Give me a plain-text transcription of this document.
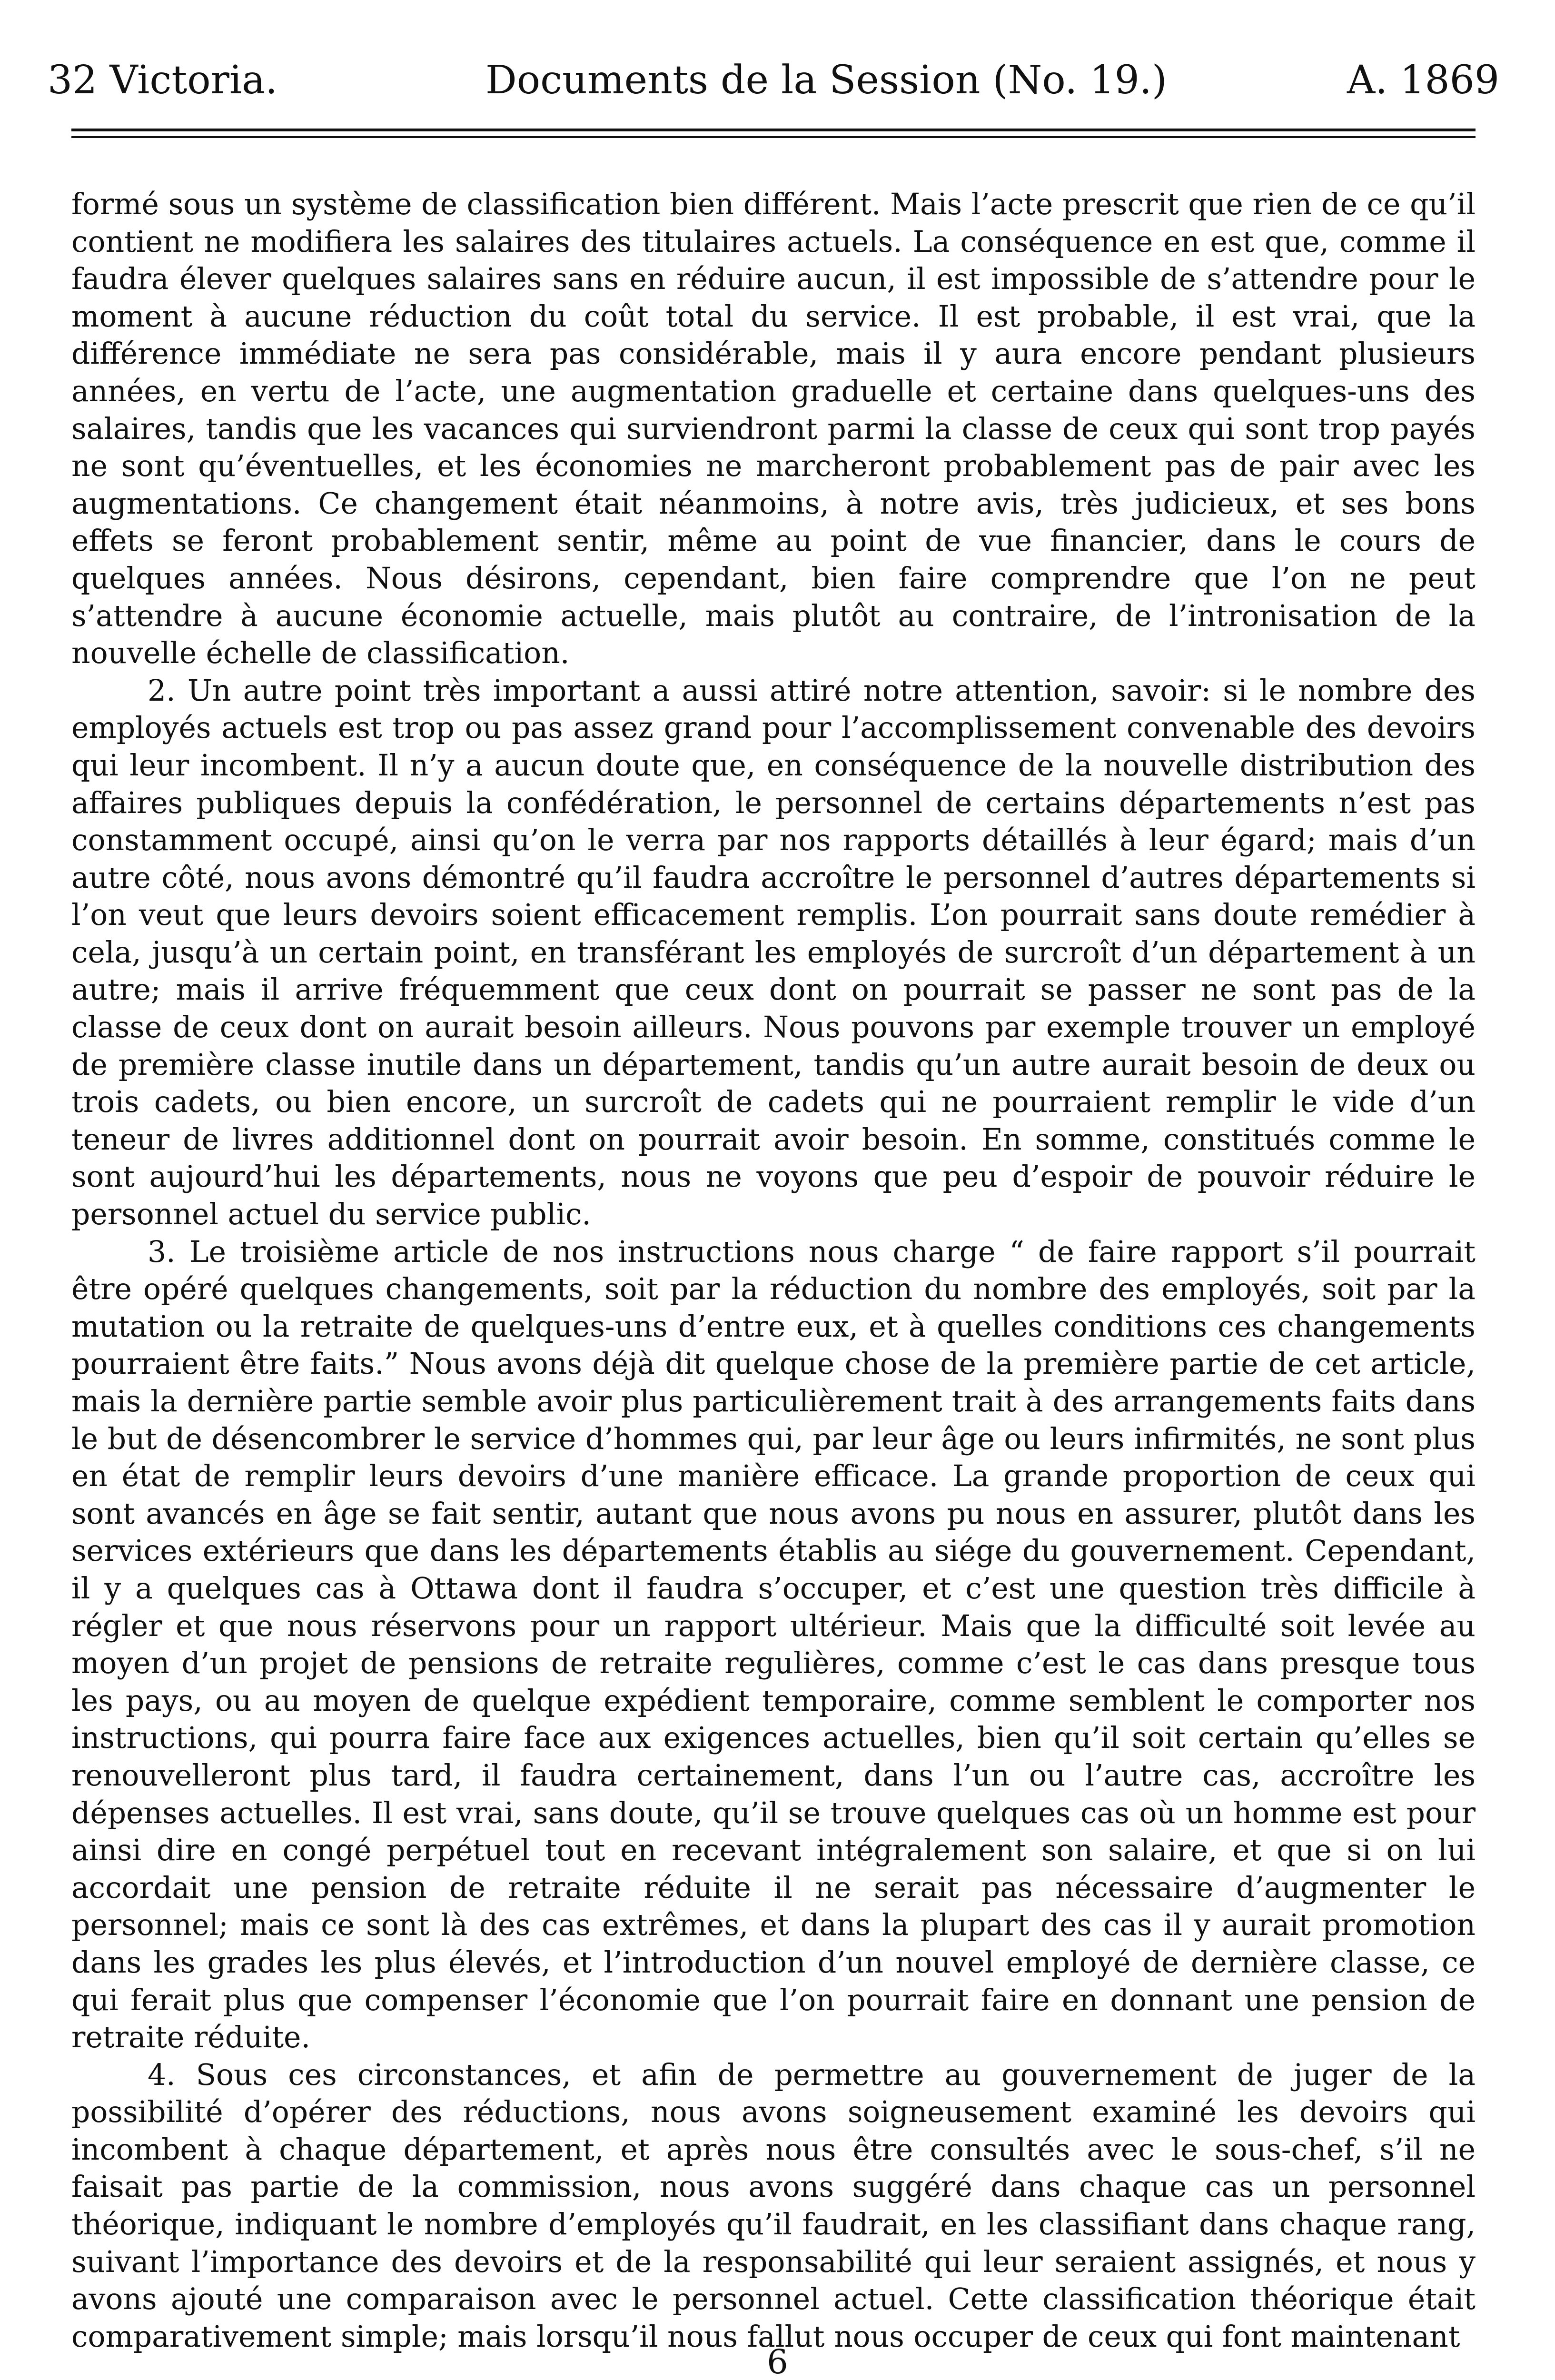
32 Victoria.	Documents de la Session (No. 19.)	A. 1869

formé sous un système de classification bien différent. Mais l’acte prescrit que rien de ce qu’il contient ne modifiera les salaires des titulaires actuels. La conséquence en est que, comme il faudra élever quelques salaires sans en réduire aucun, il est impossible de s’attendre pour le moment à aucune réduction du coût total du service. Il est probable, il est vrai, que la différence immédiate ne sera pas considérable, mais il y aura encore pendant plusieurs années, en vertu de l’acte, une augmentation graduelle et certaine dans quelques-uns des salaires, tandis que les vacances qui surviendront parmi la classe de ceux qui sont trop payés ne sont qu’éventuelles, et les économies ne marcheront probablement pas de pair avec les augmentations. Ce changement était néanmoins, à notre avis, très judicieux, et ses bons effets se feront probablement sentir, même au point de vue financier, dans le cours de quelques années. Nous désirons, cependant, bien faire comprendre que l’on ne peut s’attendre à aucune économie actuelle, mais plutôt au contraire, de l’intronisation de la nouvelle échelle de classification.

2. Un autre point très important a aussi attiré notre attention, savoir: si le nombre des employés actuels est trop ou pas assez grand pour l’accomplissement convenable des devoirs qui leur incombent. Il n’y a aucun doute que, en conséquence de la nouvelle distribution des affaires publiques depuis la confédération, le personnel de certains départements n’est pas constamment occupé, ainsi qu’on le verra par nos rapports détaillés à leur égard; mais d’un autre côté, nous avons démontré qu’il faudra accroître le personnel d’autres départements si l’on veut que leurs devoirs soient efficacement remplis. L’on pourrait sans doute remédier à cela, jusqu’à un certain point, en transférant les employés de surcroît d’un département à un autre; mais il arrive fréquemment que ceux dont on pourrait se passer ne sont pas de la classe de ceux dont on aurait besoin ailleurs. Nous pouvons par exemple trouver un employé de première classe inutile dans un département, tandis qu’un autre aurait besoin de deux ou trois cadets, ou bien encore, un surcroît de cadets qui ne pourraient remplir le vide d’un teneur de livres additionnel dont on pourrait avoir besoin. En somme, constitués comme le sont aujourd’hui les départements, nous ne voyons que peu d’espoir de pouvoir réduire le personnel actuel du service public.

3. Le troisième article de nos instructions nous charge “ de faire rapport s’il pourrait être opéré quelques changements, soit par la réduction du nombre des employés, soit par la mutation ou la retraite de quelques-uns d’entre eux, et à quelles conditions ces changements pourraient être faits.” Nous avons déjà dit quelque chose de la première partie de cet article, mais la dernière partie semble avoir plus particulièrement trait à des arrangements faits dans le but de désencombrer le service d’hommes qui, par leur âge ou leurs infirmités, ne sont plus en état de remplir leurs devoirs d’une manière efficace. La grande proportion de ceux qui sont avancés en âge se fait sentir, autant que nous avons pu nous en assurer, plutôt dans les services extérieurs que dans les départements établis au siége du gouvernement. Cependant, il y a quelques cas à Ottawa dont il faudra s’occuper, et c’est une question très difficile à régler et que nous réservons pour un rapport ultérieur. Mais que la difficulté soit levée au moyen d’un projet de pensions de retraite regulières, comme c’est le cas dans presque tous les pays, ou au moyen de quelque expédient temporaire, comme semblent le comporter nos instructions, qui pourra faire face aux exigences actuelles, bien qu’il soit certain qu’elles se renouvelleront plus tard, il faudra certainement, dans l’un ou l’autre cas, accroître les dépenses actuelles. Il est vrai, sans doute, qu’il se trouve quelques cas où un homme est pour ainsi dire en congé perpétuel tout en recevant intégralement son salaire, et que si on lui accordait une pension de retraite réduite il ne serait pas nécessaire d’augmenter le personnel; mais ce sont là des cas extrêmes, et dans la plupart des cas il y aurait promotion dans les grades les plus élevés, et l’introduction d’un nouvel employé de dernière classe, ce qui ferait plus que compenser l’économie que l’on pourrait faire en donnant une pension de retraite réduite.

4. Sous ces circonstances, et afin de permettre au gouvernement de juger de la possibilité d’opérer des réductions, nous avons soigneusement examiné les devoirs qui incombent à chaque département, et après nous être consultés avec le sous-chef, s’il ne faisait pas partie de la commission, nous avons suggéré dans chaque cas un personnel théorique, indiquant le nombre d’employés qu’il faudrait, en les classifiant dans chaque rang, suivant l’importance des devoirs et de la responsabilité qui leur seraient assignés, et nous y avons ajouté une comparaison avec le personnel actuel. Cette classification théorique était comparativement simple; mais lorsqu’il nous fallut nous occuper de ceux qui font maintenant

6
